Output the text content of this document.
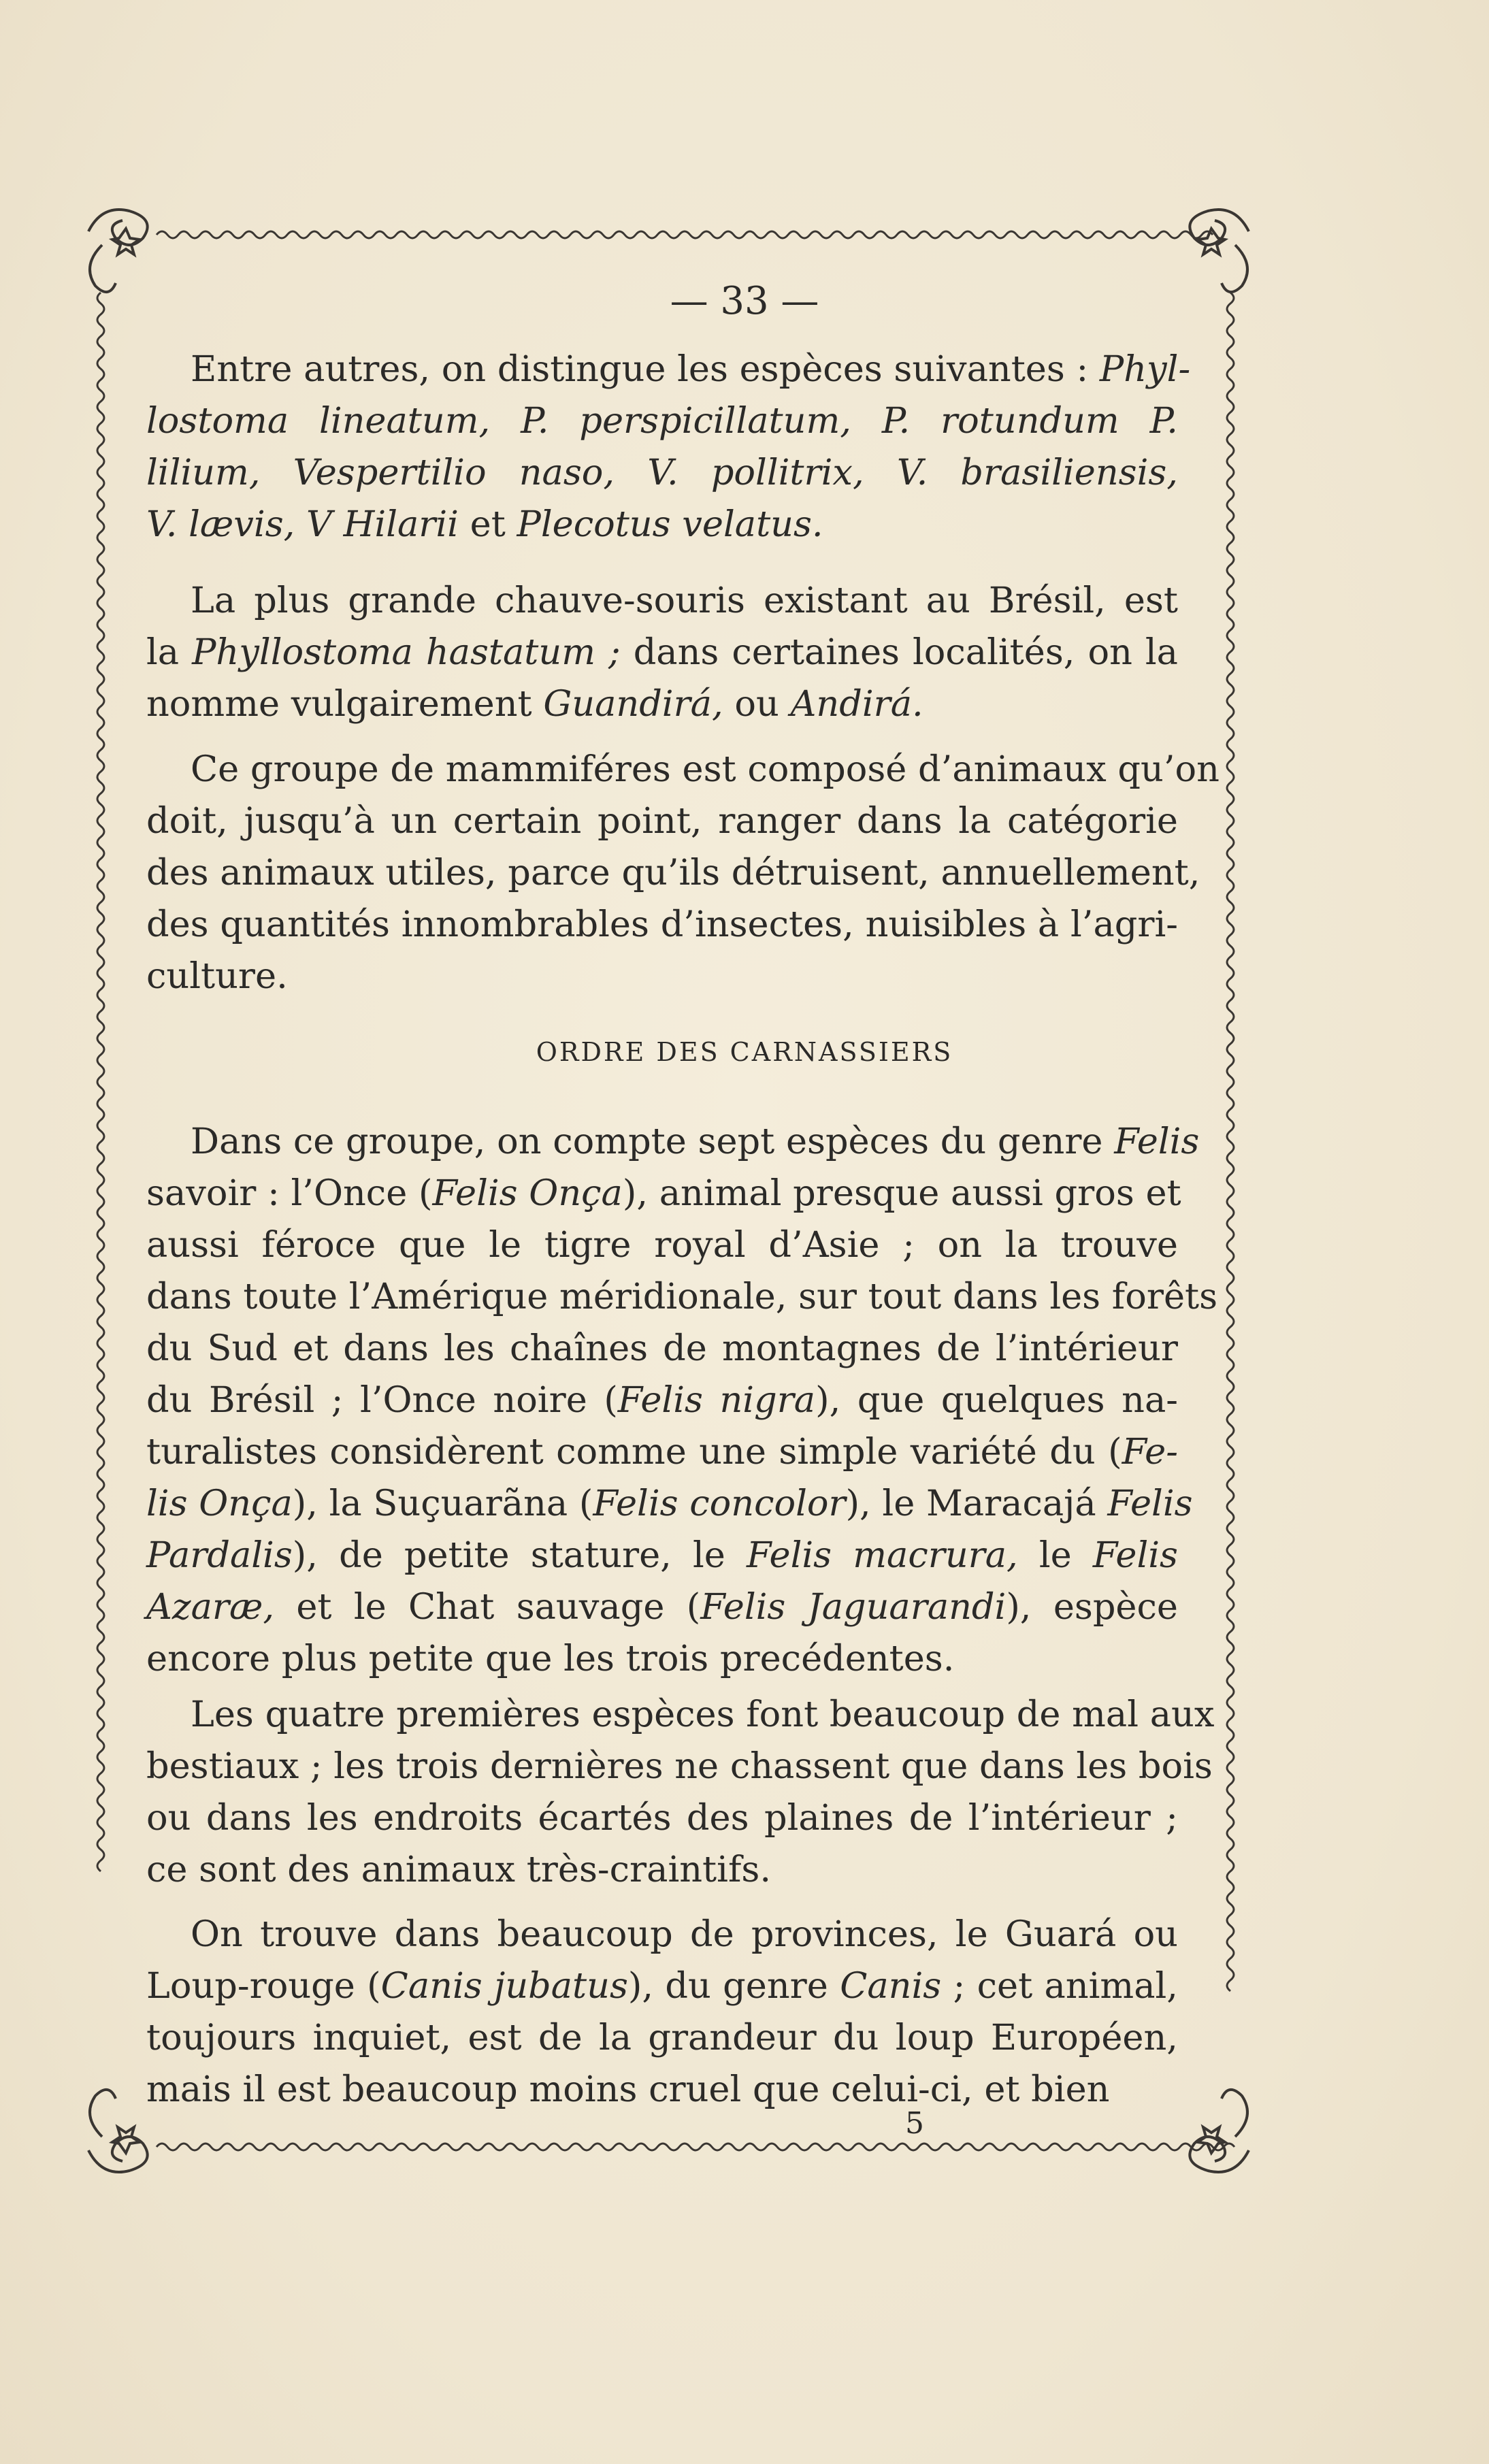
— 33 —
Entre autres, on distingue les espèces suivantes : Phyl-
lostoma lineatum, P. perspicillatum, P. rotundum P.
lilium, Vespertilio naso, V. pollitrix, V. brasiliensis,
V. lævis, V Hilarii et Plecotus velatus.
La plus grande chauve-souris existant au Brésil, est
la Phyllostoma hastatum ; dans certaines localités, on la
nomme vulgairement Guandirá, ou Andirá.
Ce groupe de mammiféres est composé d’animaux qu’on
doit, jusqu’à un certain point, ranger dans la catégorie
des animaux utiles, parce qu’ils détruisent, annuellement,
des quantités innombrables d’insectes, nuisibles à l’agri-
culture.
Dans ce groupe, on compte sept espèces du genre Felis
savoir : l’Once (Felis Onça), animal presque aussi gros et
aussi féroce que le tigre royal d’Asie ; on la trouve
dans toute l’Amérique méridionale, sur tout dans les forêts
du Sud et dans les chaînes de montagnes de l’intérieur
du Brésil ; l’Once noire (Felis nigra), que quelques na-
turalistes considèrent comme une simple variété du (Fe-
lis Onça), la Suçuarãna (Felis concolor), le Maracajá Felis
Pardalis), de petite stature, le Felis macrura, le Felis
Azaræ, et le Chat sauvage (Felis Jaguarandi), espèce
encore plus petite que les trois precédentes.
Les quatre premières espèces font beaucoup de mal aux
bestiaux ; les trois dernières ne chassent que dans les bois
ou dans les endroits écartés des plaines de l’intérieur ;
ce sont des animaux très-craintifs.
On trouve dans beaucoup de provinces, le Guará ou
Loup-rouge (Canis jubatus), du genre Canis ; cet animal,
toujours inquiet, est de la grandeur du loup Européen,
mais il est beaucoup moins cruel que celui-ci, et bien
ORDRE DES CARNASSIERS
5
